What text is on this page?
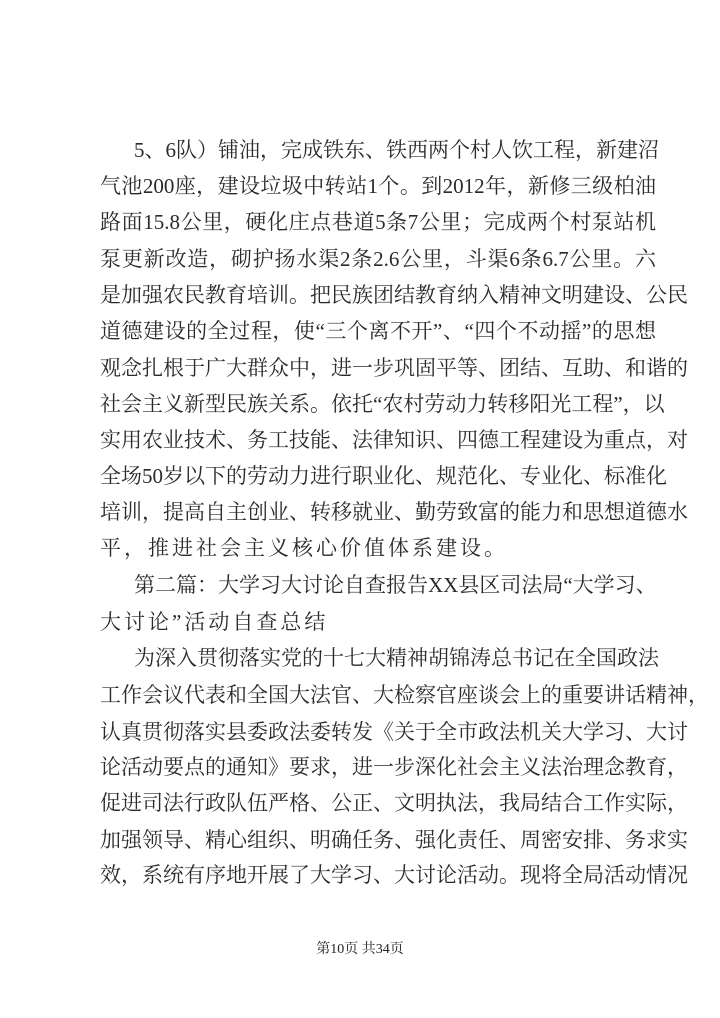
5、6队）铺油，完成铁东、铁西两个村人饮工程，新建沼
气池200座，建设垃圾中转站1个。到2012年，新修三级柏油
路面15.8公里，硬化庄点巷道5条7公里；完成两个村泵站机
泵更新改造，砌护扬水渠2条2.6公里，斗渠6条6.7公里。六
是加强农民教育培训。把民族团结教育纳入精神文明建设、公民
道德建设的全过程，使“三个离不开”、“四个不动摇”的思想
观念扎根于广大群众中，进一步巩固平等、团结、互助、和谐的
社会主义新型民族关系。依托“农村劳动力转移阳光工程”，以
实用农业技术、务工技能、法律知识、四德工程建设为重点，对
全场50岁以下的劳动力进行职业化、规范化、专业化、标准化
培训，提高自主创业、转移就业、勤劳致富的能力和思想道德水
平，推进社会主义核心价值体系建设。
第二篇：大学习大讨论自查报告XX县区司法局“大学习、
大讨论”活动自查总结
为深入贯彻落实党的十七大精神胡锦涛总书记在全国政法
工作会议代表和全国大法官、大检察官座谈会上的重要讲话精神，
认真贯彻落实县委政法委转发《关于全市政法机关大学习、大讨
论活动要点的通知》要求，进一步深化社会主义法治理念教育，
促进司法行政队伍严格、公正、文明执法，我局结合工作实际，
加强领导、精心组织、明确任务、强化责任、周密安排、务求实
效，系统有序地开展了大学习、大讨论活动。现将全局活动情况
第10页 共34页
